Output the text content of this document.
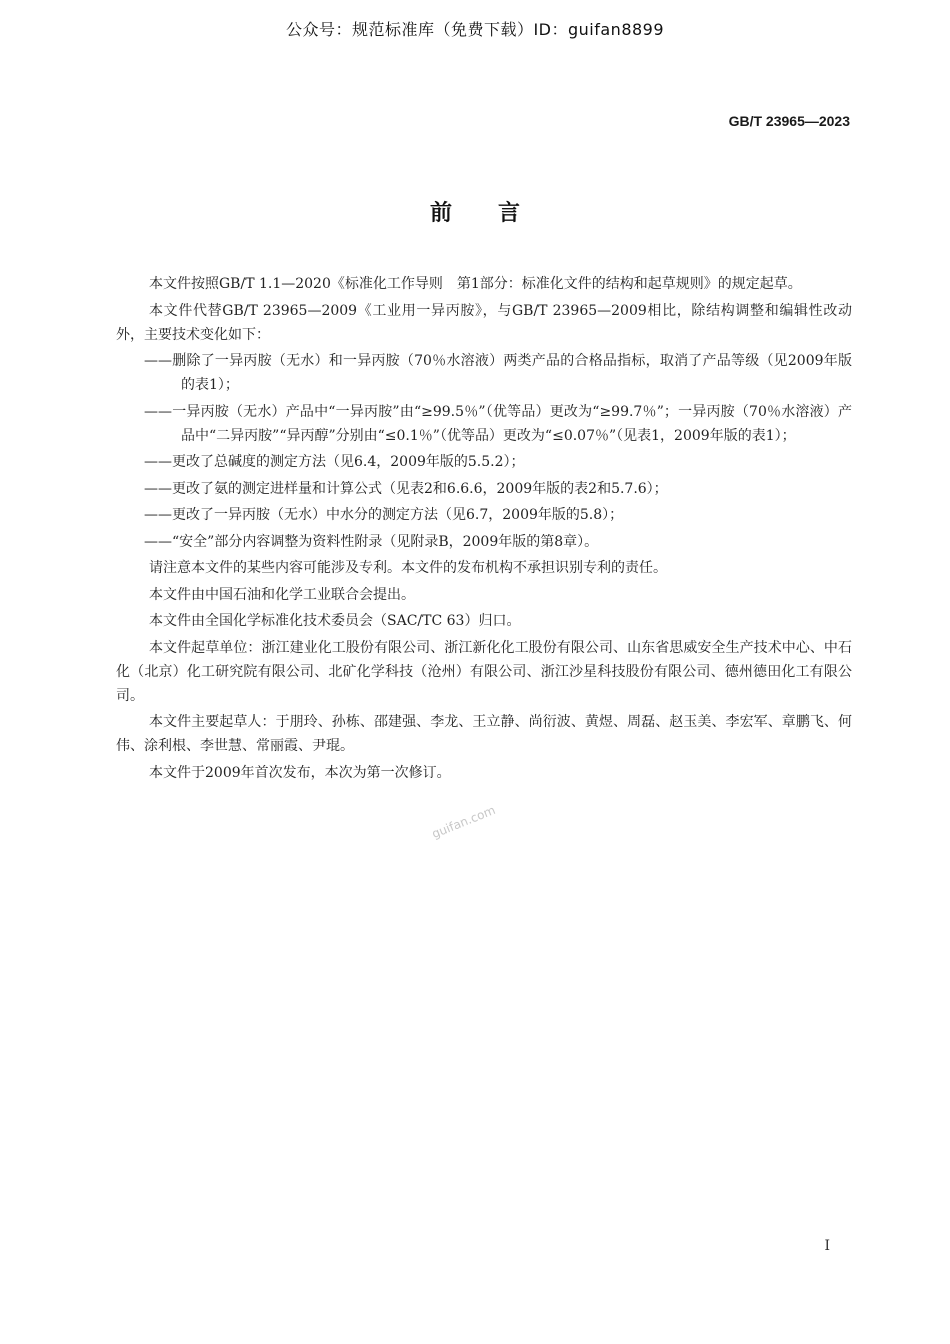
公众号：规范标准库（免费下载）ID：guifan8899
GB/T 23965—2023
前言
本文件按照GB/T 1.1—2020《标准化工作导则　第1部分：标准化文件的结构和起草规则》的规定起草。
本文件代替GB/T 23965—2009《工业用一异丙胺》，与GB/T 23965—2009相比，除结构调整和编辑性改动外，主要技术变化如下：
——删除了一异丙胺（无水）和一异丙胺（70％水溶液）两类产品的合格品指标，取消了产品等级（见2009年版的表1）；
——一异丙胺（无水）产品中“一异丙胺”由“≥99.5％”（优等品）更改为“≥99.7％”；一异丙胺（70％水溶液）产品中“二异丙胺”“异丙醇”分别由“≤0.1％”（优等品）更改为“≤0.07％”（见表1，2009年版的表1）；
——更改了总碱度的测定方法（见6.4，2009年版的5.5.2）；
——更改了氨的测定进样量和计算公式（见表2和6.6.6，2009年版的表2和5.7.6）；
——更改了一异丙胺（无水）中水分的测定方法（见6.7，2009年版的5.8）；
——“安全”部分内容调整为资料性附录（见附录B，2009年版的第8章）。
请注意本文件的某些内容可能涉及专利。本文件的发布机构不承担识别专利的责任。
本文件由中国石油和化学工业联合会提出。
本文件由全国化学标准化技术委员会（SAC/TC 63）归口。
本文件起草单位：浙江建业化工股份有限公司、浙江新化化工股份有限公司、山东省思威安全生产技术中心、中石化（北京）化工研究院有限公司、北矿化学科技（沧州）有限公司、浙江沙星科技股份有限公司、德州德田化工有限公司。
本文件主要起草人：于朋玲、孙栋、邵建强、李龙、王立静、尚衍波、黄煜、周磊、赵玉美、李宏军、章鹏飞、何伟、涂利根、李世慧、常丽霞、尹琨。
本文件于2009年首次发布，本次为第一次修订。
guifan.com
I
